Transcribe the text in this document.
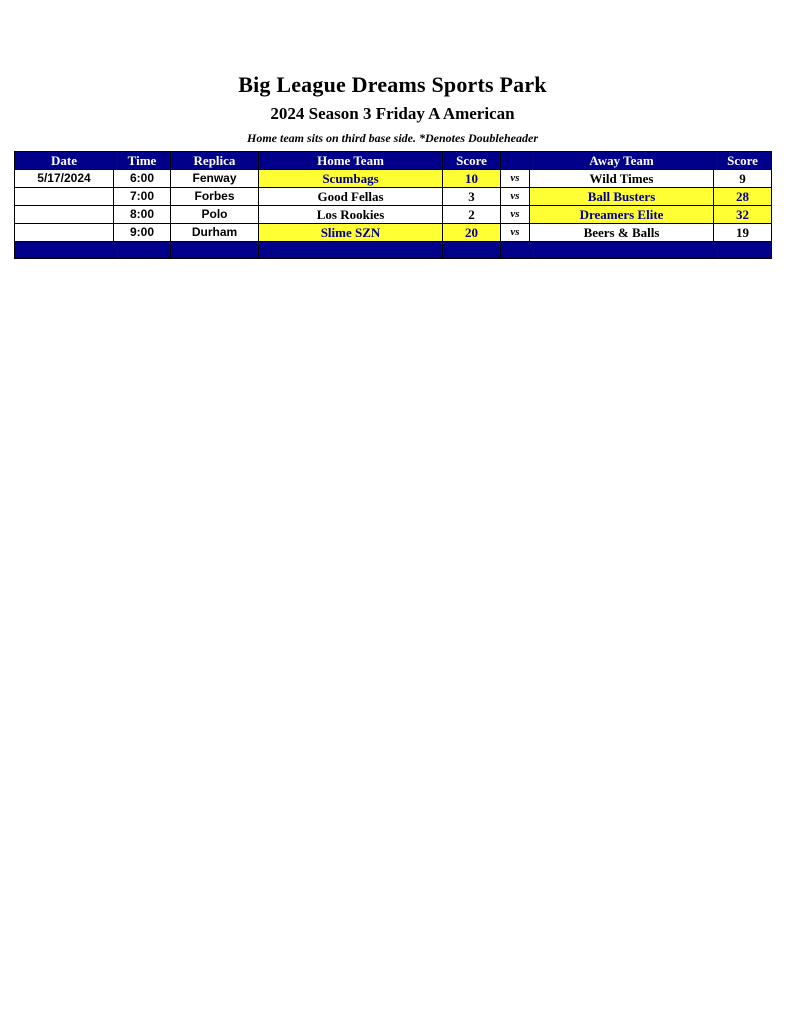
Big League Dreams Sports Park
2024 Season 3 Friday A American
Home team sits on third base side. *Denotes Doubleheader
Date	Time	Replica	Home Team	Score		Away Team	Score
5/17/2024	6:00	Fenway	Scumbags	10	vs	Wild Times	9
	7:00	Forbes	Good Fellas	3	vs	Ball Busters	28
	8:00	Polo	Los Rookies	2	vs	Dreamers Elite	32
	9:00	Durham	Slime SZN	20	vs	Beers & Balls	19
